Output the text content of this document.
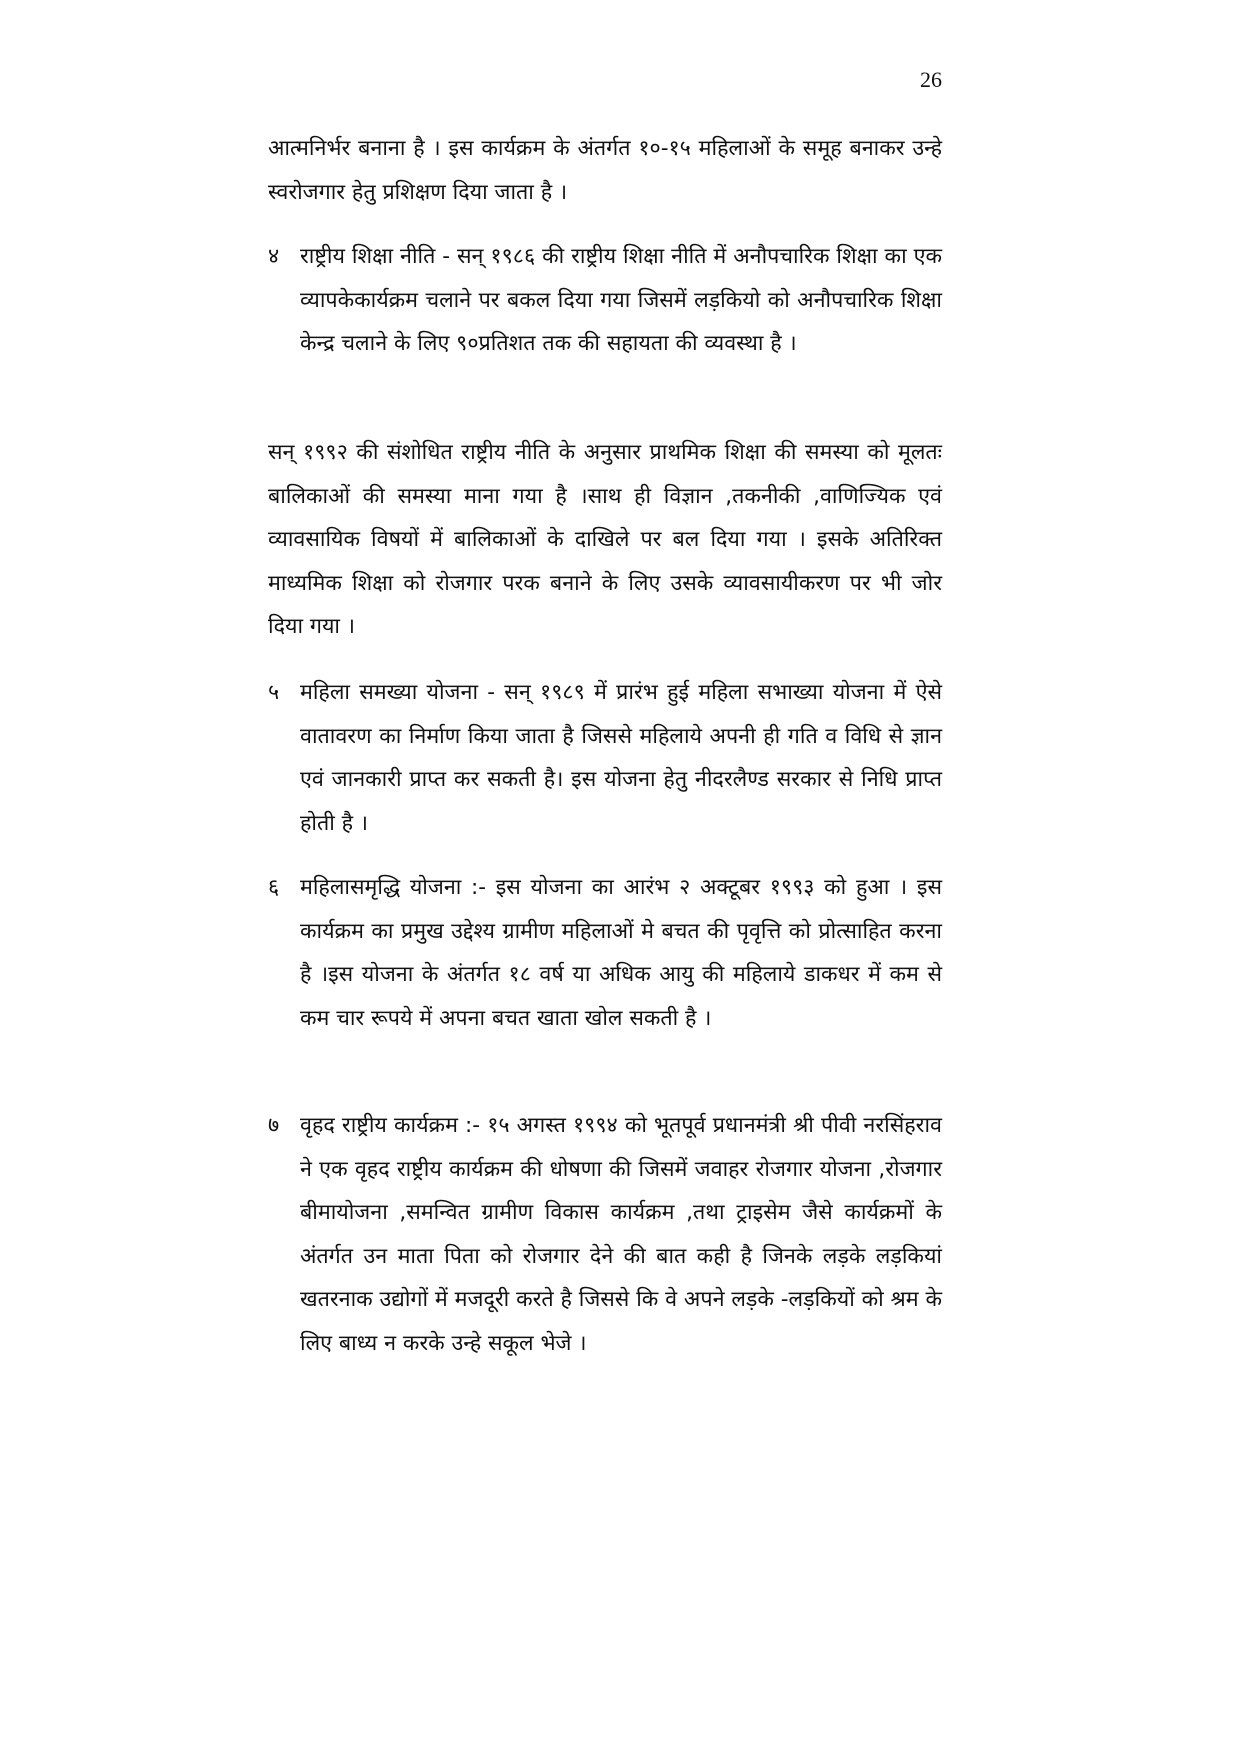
26

आत्मनिर्भर बनाना है । इस कार्यक्रम के अंतर्गत १०-१५ महिलाओं के समूह बनाकर उन्हे स्वरोजगार हेतु प्रशिक्षण दिया जाता है ।

४ राष्ट्रीय शिक्षा नीति - सन् १९८६ की राष्ट्रीय शिक्षा नीति में अनौपचारिक शिक्षा का एक व्यापकेकार्यक्रम चलाने पर बकल दिया गया जिसमें लड़कियो को अनौपचारिक शिक्षा केन्द्र चलाने के लिए ९०प्रतिशत तक की सहायता की व्यवस्था है ।

सन् १९९२ की संशोधित राष्ट्रीय नीति के अनुसार प्राथमिक शिक्षा की समस्या को मूलतः बालिकाओं की समस्या माना गया है ।साथ ही विज्ञान ,तकनीकी ,वाणिज्यिक एवं व्यावसायिक विषयों में बालिकाओं के दाखिले पर बल दिया गया । इसके अतिरिक्त माध्यमिक शिक्षा को रोजगार परक बनाने के लिए उसके व्यावसायीकरण पर भी जोर दिया गया ।

५ महिला समख्या योजना - सन् १९८९ में प्रारंभ हुई महिला सभाख्या योजना में ऐसे वातावरण का निर्माण किया जाता है जिससे महिलाये अपनी ही गति व विधि से ज्ञान एवं जानकारी प्राप्त कर सकती है। इस योजना हेतु नीदरलैण्ड सरकार से निधि प्राप्त होती है ।

६ महिलासमृद्धि योजना :- इस योजना का आरंभ २ अक्टूबर १९९३ को हुआ । इस कार्यक्रम का प्रमुख उद्देश्य ग्रामीण महिलाओं मे बचत की पृवृत्ति को प्रोत्साहित करना है ।इस योजना के अंतर्गत १८ वर्ष या अधिक आयु की महिलाये डाकधर में कम से कम चार रूपये में अपना बचत खाता खोल सकती है ।

७ वृहद राष्ट्रीय कार्यक्रम :- १५ अगस्त १९९४ को भूतपूर्व प्रधानमंत्री श्री पीवी नरसिंहराव ने एक वृहद राष्ट्रीय कार्यक्रम की धोषणा की जिसमें जवाहर रोजगार योजना ,रोजगार बीमायोजना ,समन्वित ग्रामीण विकास कार्यक्रम ,तथा ट्राइसेम जैसे कार्यक्रमों के अंतर्गत उन माता पिता को रोजगार देने की बात कही है जिनके लड़के लड़कियां खतरनाक उद्योगों में मजदूरी करते है जिससे कि वे अपने लड़के -लड़कियों को श्रम के लिए बाध्य न करके उन्हे सकूल भेजे ।
